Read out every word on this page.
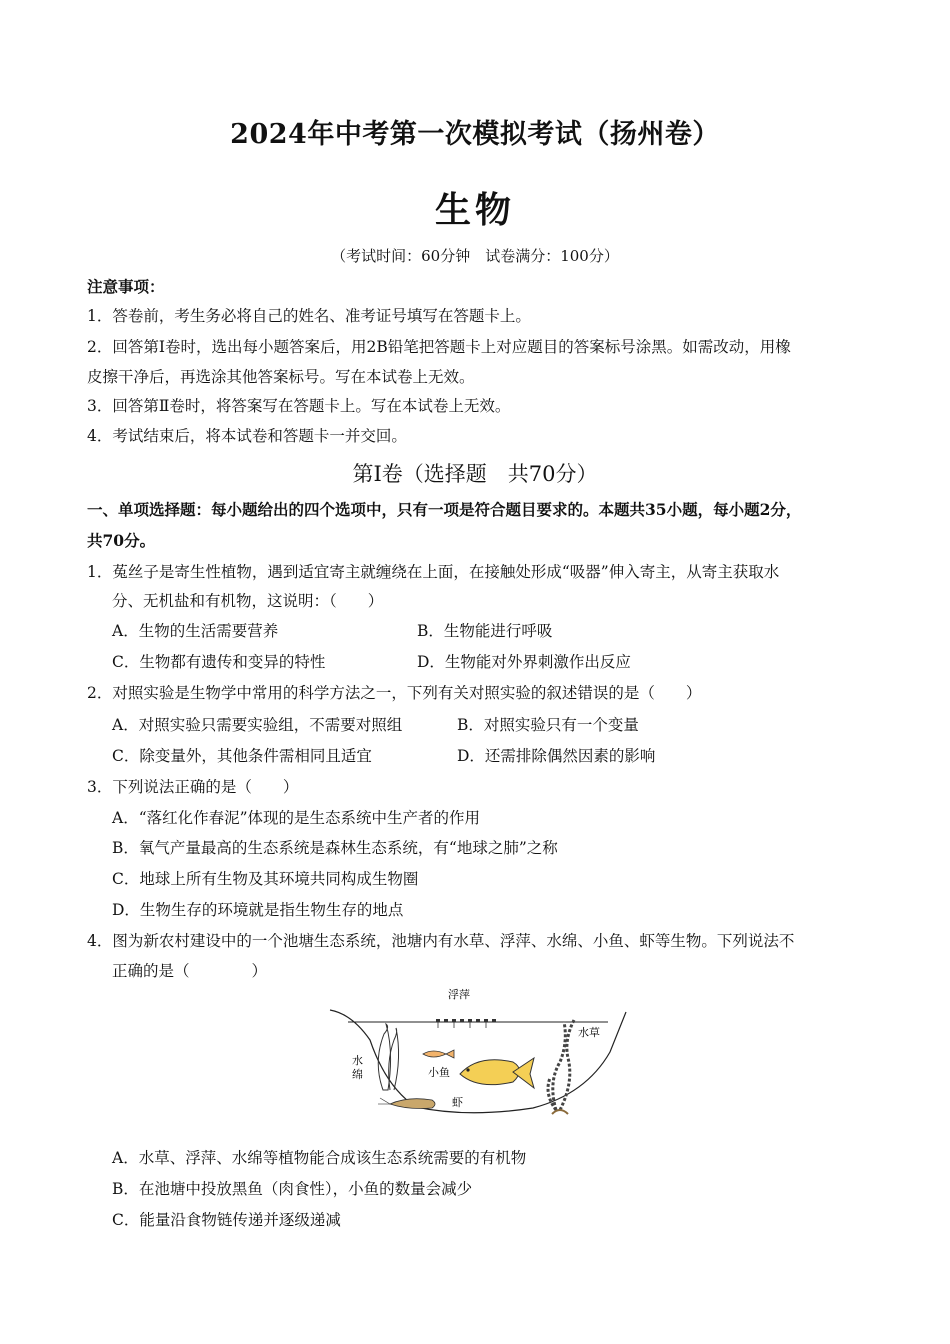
2024年中考第一次模拟考试（扬州卷）
生物
（考试时间：60分钟　试卷满分：100分）
注意事项：
1．答卷前，考生务必将自己的姓名、准考证号填写在答题卡上。
2．回答第Ⅰ卷时，选出每小题答案后，用2B铅笔把答题卡上对应题目的答案标号涂黑。如需改动，用橡
皮擦干净后，再选涂其他答案标号。写在本试卷上无效。
3．回答第Ⅱ卷时，将答案写在答题卡上。写在本试卷上无效。
4．考试结束后，将本试卷和答题卡一并交回。
第Ⅰ卷（选择题　共70分）
一、单项选择题：每小题给出的四个选项中，只有一项是符合题目要求的。本题共35小题，每小题2分，
共70分。
1．菟丝子是寄生性植物，遇到适宜寄主就缠绕在上面，在接触处形成“吸器”伸入寄主，从寄主获取水
分、无机盐和有机物，这说明：（　　）
A．生物的生活需要营养	B．生物能进行呼吸
C．生物都有遗传和变异的特性	D．生物能对外界刺激作出反应
2．对照实验是生物学中常用的科学方法之一，下列有关对照实验的叙述错误的是（　　）
A．对照实验只需要实验组，不需要对照组	B．对照实验只有一个变量
C．除变量外，其他条件需相同且适宜	D．还需排除偶然因素的影响
3．下列说法正确的是（　　）
A．“落红化作春泥”体现的是生态系统中生产者的作用
B．氧气产量最高的生态系统是森林生态系统，有“地球之肺”之称
C．地球上所有生物及其环境共同构成生物圈
D．生物生存的环境就是指生物生存的地点
4．图为新农村建设中的一个池塘生态系统，池塘内有水草、浮萍、水绵、小鱼、虾等生物。下列说法不
正确的是（　　　　）
浮萍
水草
水
绵	小鱼
虾
A．水草、浮萍、水绵等植物能合成该生态系统需要的有机物
B．在池塘中投放黑鱼（肉食性），小鱼的数量会减少
C．能量沿食物链传递并逐级递减
